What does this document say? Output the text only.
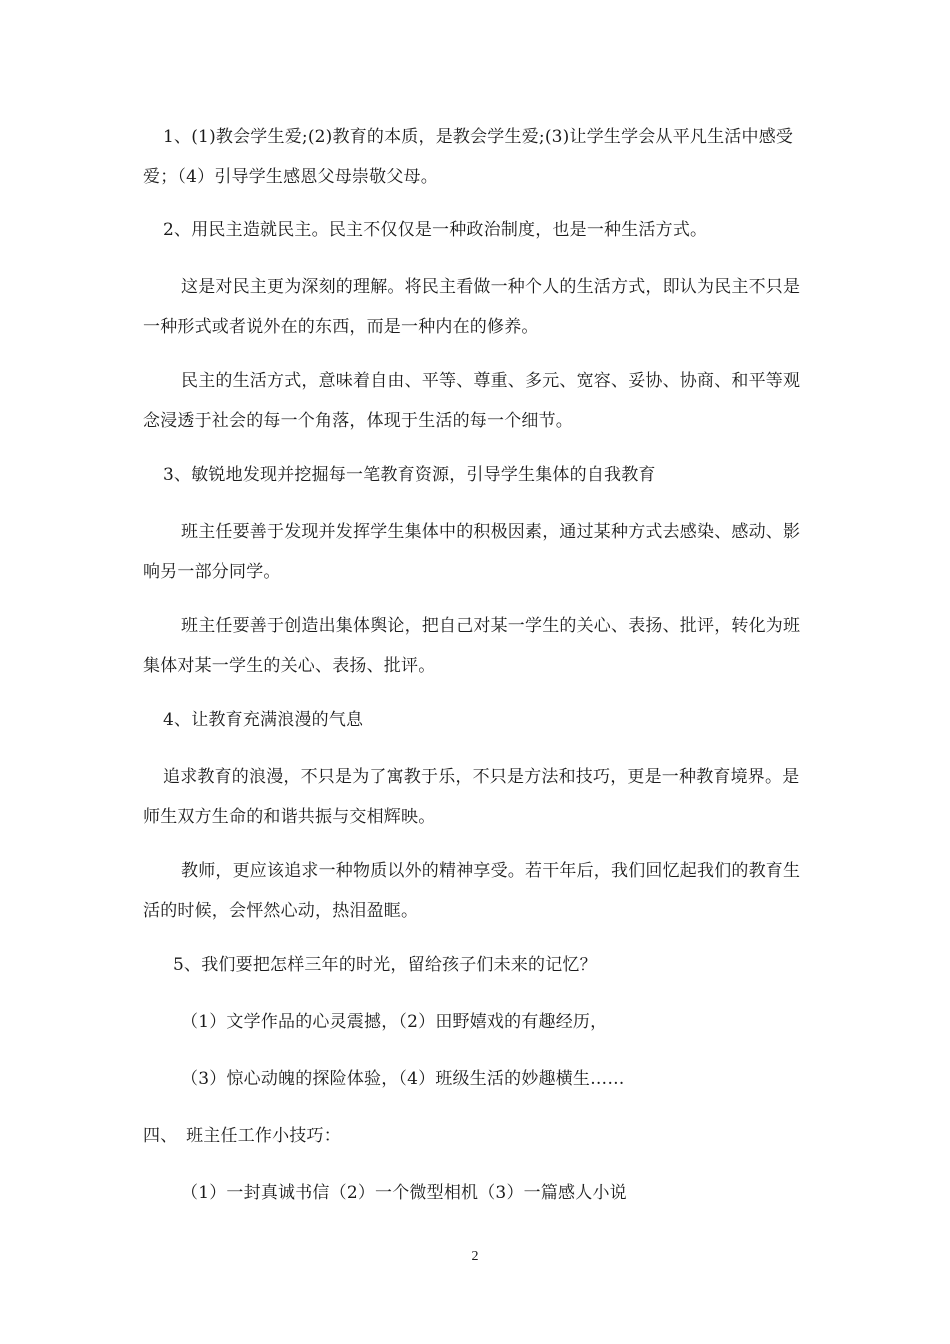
1、(1)教会学生爱;(2)教育的本质，是教会学生爱;(3)让学生学会从平凡生活中感受爱；（4）引导学生感恩父母崇敬父母。

2、用民主造就民主。民主不仅仅是一种政治制度，也是一种生活方式。

这是对民主更为深刻的理解。将民主看做一种个人的生活方式，即认为民主不只是一种形式或者说外在的东西，而是一种内在的修养。

民主的生活方式，意味着自由、平等、尊重、多元、宽容、妥协、协商、和平等观念浸透于社会的每一个角落，体现于生活的每一个细节。

3、敏锐地发现并挖掘每一笔教育资源，引导学生集体的自我教育

班主任要善于发现并发挥学生集体中的积极因素，通过某种方式去感染、感动、影响另一部分同学。

班主任要善于创造出集体舆论，把自己对某一学生的关心、表扬、批评，转化为班集体对某一学生的关心、表扬、批评。

4、让教育充满浪漫的气息

追求教育的浪漫，不只是为了寓教于乐，不只是方法和技巧，更是一种教育境界。是师生双方生命的和谐共振与交相辉映。

教师，更应该追求一种物质以外的精神享受。若干年后，我们回忆起我们的教育生活的时候，会怦然心动，热泪盈眶。

5、我们要把怎样三年的时光，留给孩子们未来的记忆？

（1）文学作品的心灵震撼，（2）田野嬉戏的有趣经历，

（3）惊心动魄的探险体验，（4）班级生活的妙趣横生……

四、　班主任工作小技巧：

（1）一封真诚书信（2）一个微型相机（3）一篇感人小说

2
